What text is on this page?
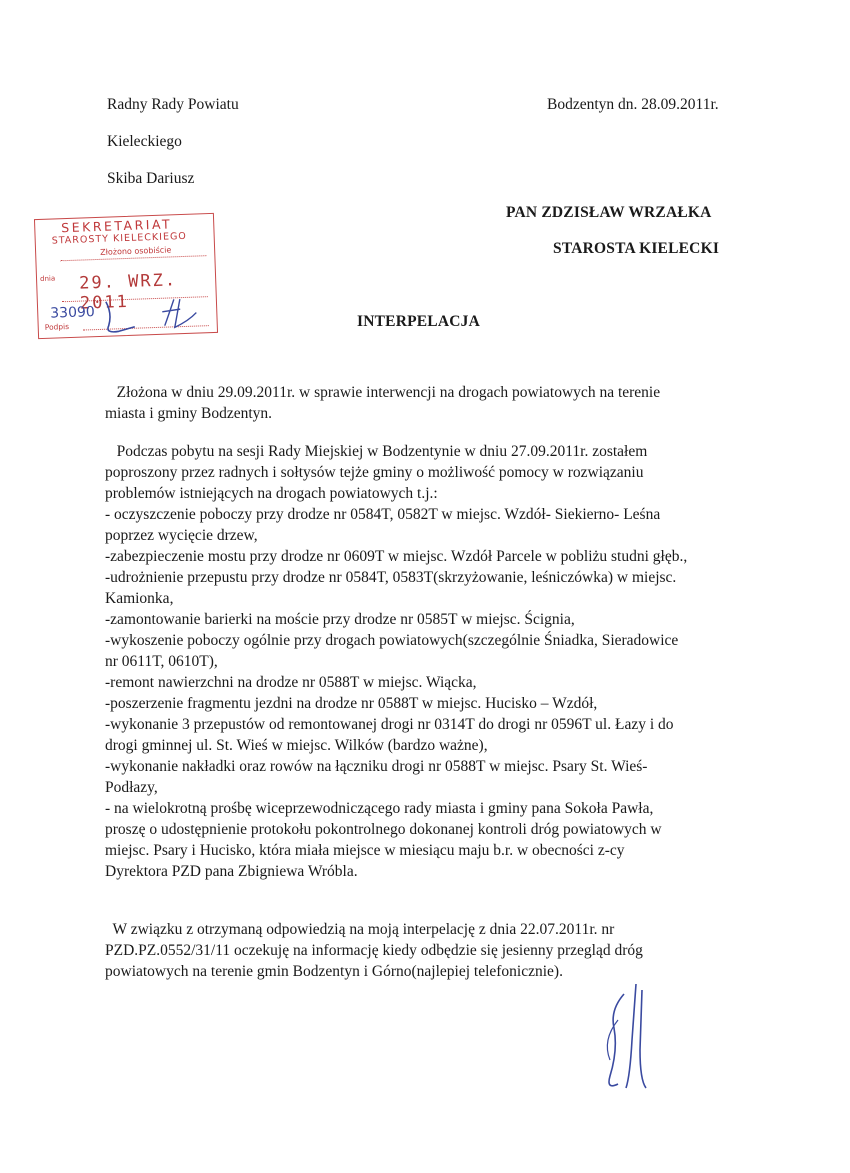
Radny Rady Powiatu
Kieleckiego
Skiba Dariusz
Bodzentyn dn. 28.09.2011r.
PAN ZDZISŁAW WRZAŁKA
STAROSTA KIELECKI
SEKRETARIAT
STAROSTY KIELECKIEGO
Złożono osobiście
dnia 29. WRZ. 2011
33090
Podpis	INTERPELACJA
Złożona w dniu 29.09.2011r. w sprawie interwencji na drogach powiatowych na terenie
miasta i gminy Bodzentyn.
Podczas pobytu na sesji Rady Miejskiej w Bodzentynie w dniu 27.09.2011r. zostałem
poproszony przez radnych i sołtysów tejże gminy o możliwość pomocy w rozwiązaniu
problemów istniejących na drogach powiatowych t.j.:
- oczyszczenie poboczy przy drodze nr 0584T, 0582T w miejsc. Wzdół- Siekierno- Leśna
poprzez wycięcie drzew,
-zabezpieczenie mostu przy drodze nr 0609T w miejsc. Wzdół Parcele w pobliżu studni głęb.,
-udrożnienie przepustu przy drodze nr 0584T, 0583T(skrzyżowanie, leśniczówka) w miejsc.
Kamionka,
-zamontowanie barierki na moście przy drodze nr 0585T w miejsc. Ścignia,
-wykoszenie poboczy ogólnie przy drogach powiatowych(szczególnie Śniadka, Sieradowice
nr 0611T, 0610T),
-remont nawierzchni na drodze nr 0588T w miejsc. Wiącka,
-poszerzenie fragmentu jezdni na drodze nr 0588T w miejsc. Hucisko – Wzdół,
-wykonanie 3 przepustów od remontowanej drogi nr 0314T do drogi nr 0596T ul. Łazy i do
drogi gminnej ul. St. Wieś w miejsc. Wilków (bardzo ważne),
-wykonanie nakładki oraz rowów na łączniku drogi nr 0588T w miejsc. Psary St. Wieś-
Podłazy,
- na wielokrotną prośbę wiceprzewodniczącego rady miasta i gminy pana Sokoła Pawła,
proszę o udostępnienie protokołu pokontrolnego dokonanej kontroli dróg powiatowych w
miejsc. Psary i Hucisko, która miała miejsce w miesiącu maju b.r. w obecności z-cy
Dyrektora PZD pana Zbigniewa Wróbla.
W związku z otrzymaną odpowiedzią na moją interpelację z dnia 22.07.2011r. nr
PZD.PZ.0552/31/11 oczekuję na informację kiedy odbędzie się jesienny przegląd dróg
powiatowych na terenie gmin Bodzentyn i Górno(najlepiej telefonicznie).
